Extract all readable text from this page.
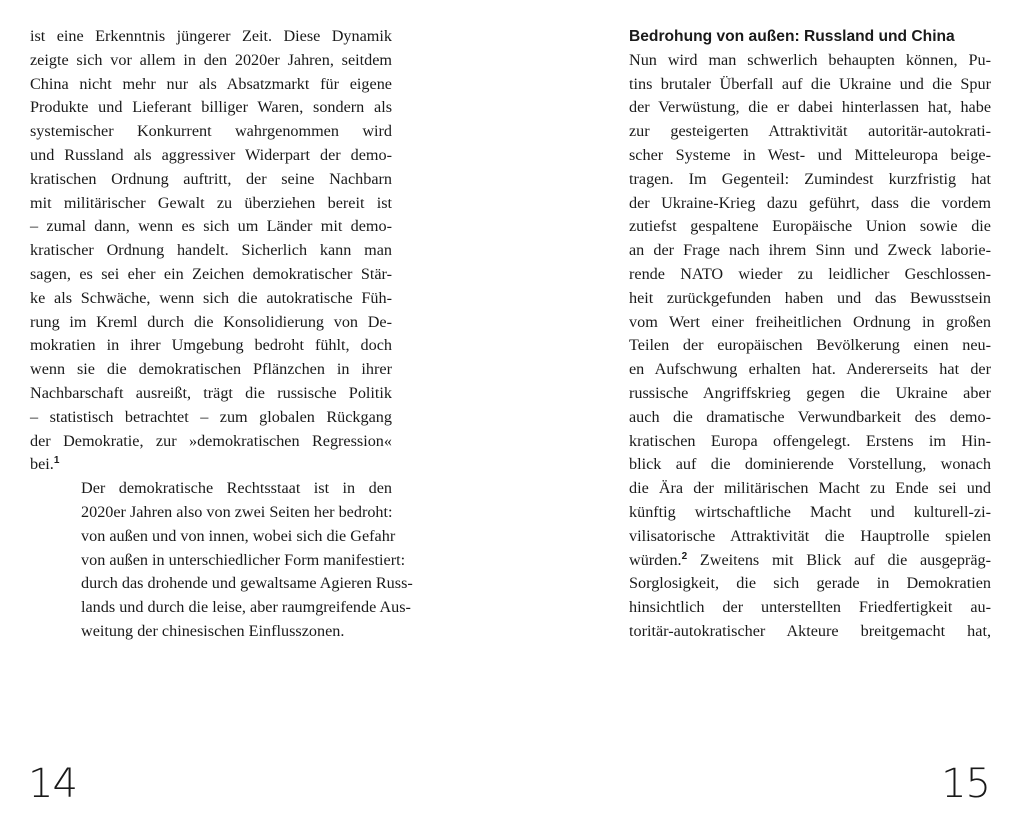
ist eine Erkenntnis jüngerer Zeit. Diese Dynamik
zeigte sich vor allem in den 2020er Jahren, seitdem
China nicht mehr nur als Absatzmarkt für eigene
Produkte und Lieferant billiger Waren, sondern als
systemischer Konkurrent wahrgenommen wird
und Russland als aggressiver Widerpart der demo-
kratischen Ordnung auftritt, der seine Nachbarn
mit militärischer Gewalt zu überziehen bereit ist
– zumal dann, wenn es sich um Länder mit demo-
kratischer Ordnung handelt. Sicherlich kann man
sagen, es sei eher ein Zeichen demokratischer Stär-
ke als Schwäche, wenn sich die autokratische Füh-
rung im Kreml durch die Konsolidierung von De-
mokratien in ihrer Umgebung bedroht fühlt, doch
wenn sie die demokratischen Pflänzchen in ihrer
Nachbarschaft ausreißt, trägt die russische Politik
– statistisch betrachtet – zum globalen Rückgang
der Demokratie, zur »demokratischen Regression«
bei.$^1$

Der demokratische Rechtsstaat ist in den
2020er Jahren also von zwei Seiten her bedroht:
von außen und von innen, wobei sich die Gefahr
von außen in unterschiedlicher Form manifestiert:
durch das drohende und gewaltsame Agieren Russ-
lands und durch die leise, aber raumgreifende Aus-
weitung der chinesischen Einflusszonen.

14
Bedrohung von außen: Russland und China

Nun wird man schwerlich behaupten können, Pu-
tins brutaler Überfall auf die Ukraine und die Spur
der Verwüstung, die er dabei hinterlassen hat, habe
zur gesteigerten Attraktivität autoritär-autokrati-
scher Systeme in West- und Mitteleuropa beige-
tragen. Im Gegenteil: Zumindest kurzfristig hat
der Ukraine-Krieg dazu geführt, dass die vordem
zutiefst gespaltene Europäische Union sowie die
an der Frage nach ihrem Sinn und Zweck laborie-
rende NATO wieder zu leidlicher Geschlossen-
heit zurückgefunden haben und das Bewusstsein
vom Wert einer freiheitlichen Ordnung in großen
Teilen der europäischen Bevölkerung einen neu-
en Aufschwung erhalten hat. Andererseits hat der
russische Angriffskrieg gegen die Ukraine aber
auch die dramatische Verwundbarkeit des demo-
kratischen Europa offengelegt. Erstens im Hin-
blick auf die dominierende Vorstellung, wonach
die Ära der militärischen Macht zu Ende sei und
künftig wirtschaftliche Macht und kulturell-zi-
vilisatorische Attraktivität die Hauptrolle spielen
würden.$^2$ Zweitens mit Blick auf die ausgepräg-
Sorglosigkeit, die sich gerade in Demokratien
hinsichtlich der unterstellten Friedfertigkeit au-
toritär-autokratischer Akteure breitgemacht hat,

15
